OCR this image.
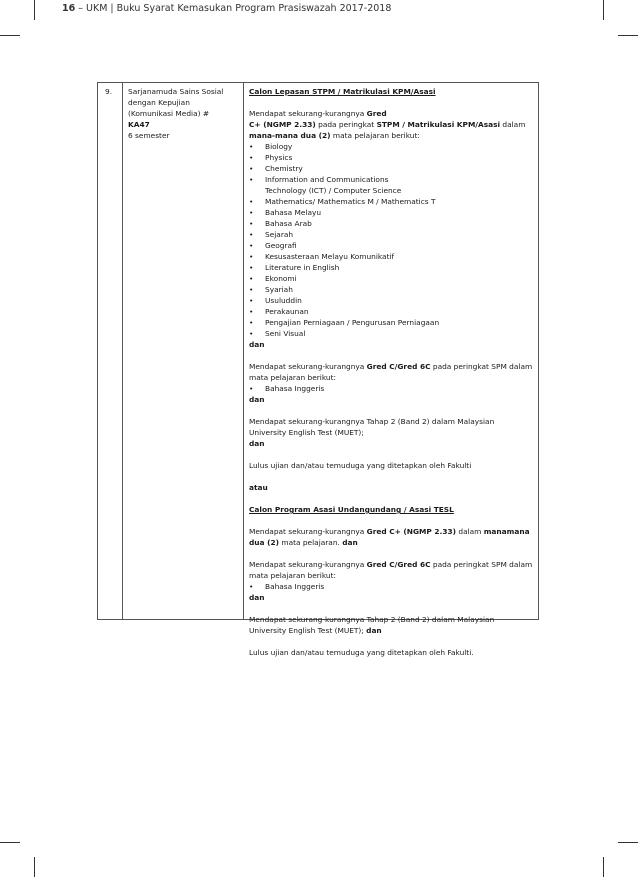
16 – UKM | Buku Syarat Kemasukan Program Prasiswazah 2017-2018
9. Sarjanamuda Sains Sosial dengan Kepujian (Komunikasi Media) #

KA47

6 semester

Calon Lepasan STPM / Matrikulasi KPM/Asasi

Mendapat sekurang-kurangnya Gred
C+ (NGMP 2.33) pada peringkat STPM / Matrikulasi KPM/Asasi dalam
mana-mana dua (2) mata pelajaran berikut:

• Biology
• Physics
• Chemistry
• Information and Communications Technology (ICT) / Computer Science
• Mathematics/ Mathematics M / Mathematics T
• Bahasa Melayu
• Bahasa Arab
• Sejarah
• Geografi
• Kesusasteraan Melayu Komunikatif
• Literature in English
• Ekonomi
• Syariah
• Usuluddin
• Perakaunan
• Pengajian Perniagaan / Pengurusan Perniagaan
• Seni Visual

dan

Mendapat sekurang-kurangnya Gred C/Gred 6C pada peringkat SPM dalam mata pelajaran berikut:

• Bahasa Inggeris

dan

Mendapat sekurang-kurangnya Tahap 2 (Band 2) dalam Malaysian University English Test (MUET);

dan

Lulus ujian dan/atau temuduga yang ditetapkan oleh Fakulti

atau

Calon Program Asasi Undangundang / Asasi TESL

Mendapat sekurang-kurangnya Gred C+ (NGMP 2.33) dalam manamana dua (2) mata pelajaran. dan

Mendapat sekurang-kurangnya Gred C/Gred 6C pada peringkat SPM dalam mata pelajaran berikut:

• Bahasa Inggeris

dan

Mendapat sekurang-kurangnya Tahap 2 (Band 2) dalam Malaysian University English Test (MUET); dan

Lulus ujian dan/atau temuduga yang ditetapkan oleh Fakulti.
